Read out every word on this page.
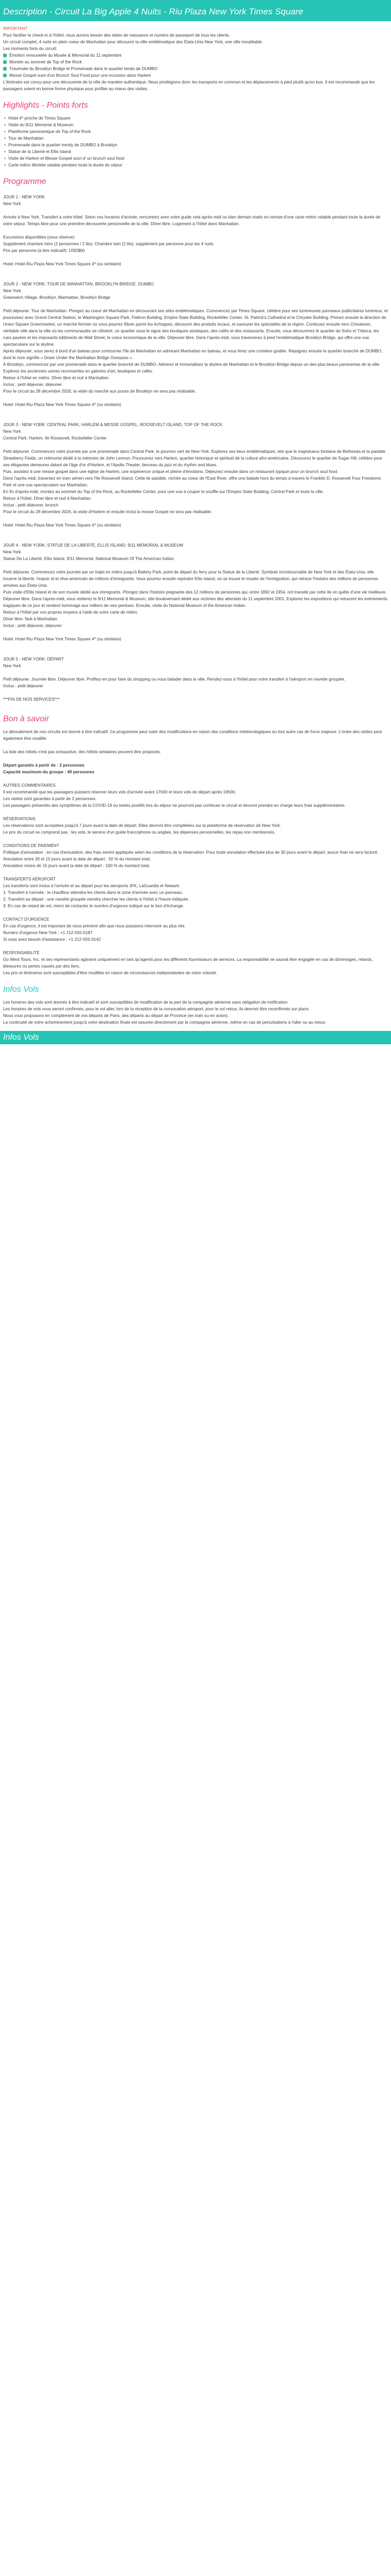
Description - Circuit La Big Apple 4 Nuits - Riu Plaza New York Times Square

IMPORTANT

Pour faciliter le check-in à l'hôtel, nous aurons besoin des dates de naissance et numéro de passeport de tous les clients.

Un circuit complet, 4 nuits en plein coeur de Manhattan pour découvrir la ville emblématique des États-Unis New York, une ville inoubliable.

Les moments forts du circuit:

Émotion renouvelée du Musée & Mémorial du 11 septembre
Montée au sommet de Top of the Rock
Traversée du Brooklyn Bridge et Promenade dans le quartier tendu de DUMBO
Messe Gospel suivi d'un Brunch Soul Food pour une incursion dans Harlem

L'itinéraire est conçu pour une découverte de la ville de manière authentique. Nous privilégions donc les transports en commun et les déplacements à pied plutôt qu'en bus. Il est recommandé que les passagers soient en bonne forme physique pour profiter au mieux des visites.

Highlights - Points forts
• Hotel 4* proche de Times Square
• Visite du 9/11 Memorial & Museum
• Plateforme panoramique de Top of the Rock
• Tour de Manhattan
• Promenade dans le quartier trendy de DUMBO à Brooklyn
• Statue de la Liberté et Ellis Island
• Visite de Harlem et Messe Gospel suivi d' un brunch soul food
• Carte métro illimitée valable pendant toute la durée du séjour
Programme

JOUR 1 - NEW YORK

New York

Arrivée à New York. Transfert à votre hôtel. Selon vos horaires d'arrivée, rencontrez avec votre guide cela après-midi ou bien demain matin en remise d'une carte métro valable pendant toute la durée de votre séjour. Temps libre pour une première découverte personnelle de la ville. Dîner libre. Logement à l'hôtel dans Manhattan.

Excursions disponibles (sous réserve):

Supplément chambre héro (2 personnes / 2 lits). Chambre twin (2 lits): supplément par personne pour les 4 nuits

Prix par personne (à titre indicatif): USD$60

Hotel: Hotel Riu Plaza New York Times Square 4* (ou similaire)

JOUR 2 - NEW YORK: TOUR DE MANHATTAN, BROOKLYN BRIDGE, DUMBO

New York

Greenwich Village, Brooklyn, Manhattan, Brooklyn Bridge

Petit déjeuner. Tour de Manhattan. Plongez au coeur de Manhattan en découvrant ses sites emblématiques. Commencez par Times Square, célèbre pour ses lumineuses panneaux publicitaires lumineux, et poursuivez avec Grand Central Station, le Washington Square Park, Flatiron Building, Empire State Building, Rockefeller Center, St. Patrick's Cathedral et le Chrysler Building. Prenez ensuite la direction de Union Square Greenmarket, un marché fermier où vous pourrez flâner parmi les échoppes, découvrir des produits locaux, et savourer les spécialités de la région. Continuez ensuite vers Chinatown, véritable ville dans la ville où les communautés se côtoient, un quartier sous le signe des boutiques asiatiques, des cafés et des restaurants. Ensuite, vous découvrirez le quartier de Soho et Tribeca, les rues pavées et les imposants bâtiments de Wall Street, le coeur économique de la ville. Déjeuner libre. Dans l'après-midi, vous traverserez à pied l'emblématique Brooklyn Bridge, qui offre une vue spectaculaire sur la skyline.

Après déjeuner, vous serez à bord d'un bateau pour contourner l'île de Manhattan en admirant Manhattan en bateau, et vous ferez une croisière guidée. Rejoignez ensuite le quartier branché de DUMBO, dont le nom signifie « Down Under the Manhattan Bridge Overpass ».

À Brooklyn, commencez par une promenade dans le quartier branché de DUMBO. Admirez et immortalisez la skyline de Manhattan et le Brooklyn Bridge depuis un des plus beaux panoramas de la ville. Explorez les anciennes usines reconverties en galeries d'art, boutiques et cafés.

Retour à l'hôtel en métro. Dîner libre et nuit à Manhattan.

Inclus : petit déjeuner, déjeuner

Pour le circuit du 28 décembre 2026, la visite du marché aux puces de Brooklyn ne sera pas réalisable.

Hotel: Hotel Riu Plaza New York Times Square 4* (ou similaire)

JOUR 3 - NEW YORK: CENTRAL PARK, HARLEM & MESSE GOSPEL, ROOSEVELT ISLAND, TOP OF THE ROCK

New York

Central Park, Harlem, Ile Roosevelt, Rockefeller Center

Petit déjeuner. Commencez votre journée par une promenade dans Central Park, le poumon vert de New York. Explorez ses lieux emblématiques, tels que le majestueux fontaine de Bethesda et la paisible Strawberry Fields, un mémorial dédié à la mémoire de John Lennon. Poursuivez vers Harlem, quartier historique et spirituel de la culture afro-américaine. Découvrez le quartier de Sugar Hill, célèbre pour ses élégantes demeures datant de l'âge d'or d'Harlem, et l'Apollo Theater, berceau du jazz et du rhythm and blues.

Puis, assistez à une messe gospel dans une église de Harlem, une expérience unique et pleine d'émotions. Déjeunez ensuite dans un restaurant typique pour un brunch soul food.

Dans l'après-midi, traversez en tram aérien vers l'île Roosevelt Island. Cette ile paisible, nichée au coeur de l'East River, offre une balade hors du temps à travers le Franklin D. Roosevelt Four Freedoms Park et une vue spectaculaire sur Manhattan.

En fin d'après-midi, montez au sommet du Top of the Rock, au Rockefeller Center, pour une vue à couper le souffle sur l'Empire State Building, Central Park et toute la ville.

Retour à l'hôtel. Dîner libre et nuit à Manhattan.

Inclus : petit déjeuner, brunch

Pour le circuit du 28 décembre 2026, la visite d'Harlem et ensuite inclut la messe Gospel ne sera pas réalisable.

Hotel: Hotel Riu Plaza New York Times Square 4* (ou similaire)

JOUR 4 - NEW YORK: STATUE DE LA LIBERTÉ, ELLIS ISLAND, 9/11 MEMORIAL & MUSEUM

New York

Statue De La Liberté, Ellis Island, 9/11 Memorial, National Museum Of The American Indian

Petit déjeuner. Commencez votre journée par un trajet en métro jusqu'à Battery Park, point de départ du ferry pour la Statue de la Liberté. Symbole incontournable de New York et des États-Unis, elle incarne la liberté, l'espoir et le rêve américain de millions d'immigrants. Vous pourrez ensuite rejoindre Ellis Island, où se trouve le musée de l'immigration, qui retrace l'histoire des millions de personnes arrivées aux États-Unis.

Puis visite d'Ellis Island et de son musée dédié aux immigrants. Plongez dans l'histoire poignante des 12 millions de personnes qui, entre 1892 et 1954, ont transité par cette île en quête d'une vie meilleure.

Déjeuner libre. Dans l'après-midi, vous visiterez le 9/11 Memorial & Museum, site bouleversant dédié aux victimes des attentats du 11 septembre 2001. Explorez les expositions qui retracent les événements tragiques de ce jour et rendent hommage aux milliers de vies perdues. Ensuite, visite du National Museum of the American Indian.

Retour à l'hôtel par vos propres moyens à l'aide de votre carte de métro.

Dîner libre. Nuit à Manhattan.

Inclus : petit déjeuner, déjeuner

Hotel: Hotel Riu Plaza New York Times Square 4* (ou similaire)

JOUR 5 - NEW YORK: DÉPART

New York

Petit déjeuner. Journée libre. Déjeuner libre. Profitez-en pour faire du shopping ou vous balader dans la ville. Rendez-vous à l'hôtel pour votre transfert à l'aéroport en navette groupée.

Inclus : petit déjeuner

***FIN DE NOS SERVICES***

Bon à savoir

Le déroulement de nos circuits est donné à titre indicatif. Ce programme peut subir des modifications en raison des conditions météorologiques ou tout autre cas de force majeure. L'ordre des visites peut également être modifié.

La liste des hôtels n'est pas exhaustive, des hôtels similaires peuvent être proposés.

Départ garantis à partir de : 2 personnes

Capacité maximum du groupe : 49 personnes

AUTRES COMMENTAIRES

Il est recommandé que les passagers puissent réserver leurs vols d'arrivée avant 17h00 et leurs vols de départ après 19h00.

Les visites sont garanties à partir de 2 personnes.

Les passagers présentés des symptômes de la COVID-19 ou testés positifs lors du séjour ne pourront pas continuer le circuit et devront prendre en charge leurs frais supplémentaires.

RÉSERVATIONS

Les réservations sont acceptées jusqu'à 7 jours avant la date de départ. Elles devront être complétées sur la plateforme de réservation de New York.

Le prix du circuit ne comprend pas : les vols, le service d'un guide francophone ou anglais, les dépenses personnelles, les repas non mentionnés.

CONDITIONS DE PAIEMENT

Politique d'annulation : en cas d'annulation, des frais seront appliqués selon les conditions de la réservation. Pour toute annulation effectuée plus de 30 jours avant le départ, aucun frais ne sera facturé.

Annulation entre 30 et 15 jours avant la date de départ : 50 % du montant total.

Annulation moins de 15 jours avant la date de départ : 100 % du montant total.

TRANSFERTS AÉROPORT

Les transferts sont inclus à l'arrivée et au départ pour les aéroports JFK, LaGuardia et Newark.

1. Transfert à l'arrivée : le chauffeur attendra les clients dans la zone d'arrivée avec un panneau.

2. Transfert au départ : une navette groupée viendra chercher les clients à l'hôtel à l'heure indiquée.

3. En cas de retard de vol, merci de contacter le numéro d'urgence indiqué sur le bon d'échange.

CONTACT D'URGENCE

En cas d'urgence, il est important de nous prévenir afin que nous puissions intervenir au plus vite.

Numéro d'urgence New York : +1 212-555-0187

Si vous avez besoin d'assistance : +1 212-555-0142

RESPONSABILITÉ

Go West Tours, Inc. et ses représentants agissent uniquement en tant qu'agents pour les différents fournisseurs de services. La responsabilité ne saurait être engagée en cas de dommages, retards, blessures ou pertes causés par des tiers.

Les prix et itinéraires sont susceptibles d'être modifiés en raison de circonstances indépendantes de notre volonté.

Infos Vols

Les horaires des vols sont donnés à titre indicatif et sont susceptibles de modification de la part de la compagnie aérienne sans obligation de notification.

Les horaires de vols vous seront confirmés, pour le vol aller, lors de la réception de la convocation aéroport, pour le vol retour, ils devront être reconfirmés sur place.

Nous vous proposons en complément de vos départs de Paris, des départs au départ de Province (en train ou en avion).

La continuité de votre acheminement jusqu'à votre destination finale est assurée directement par la compagnie aérienne, même en cas de perturbations à l'aller ou au retour.

Infos Vols
